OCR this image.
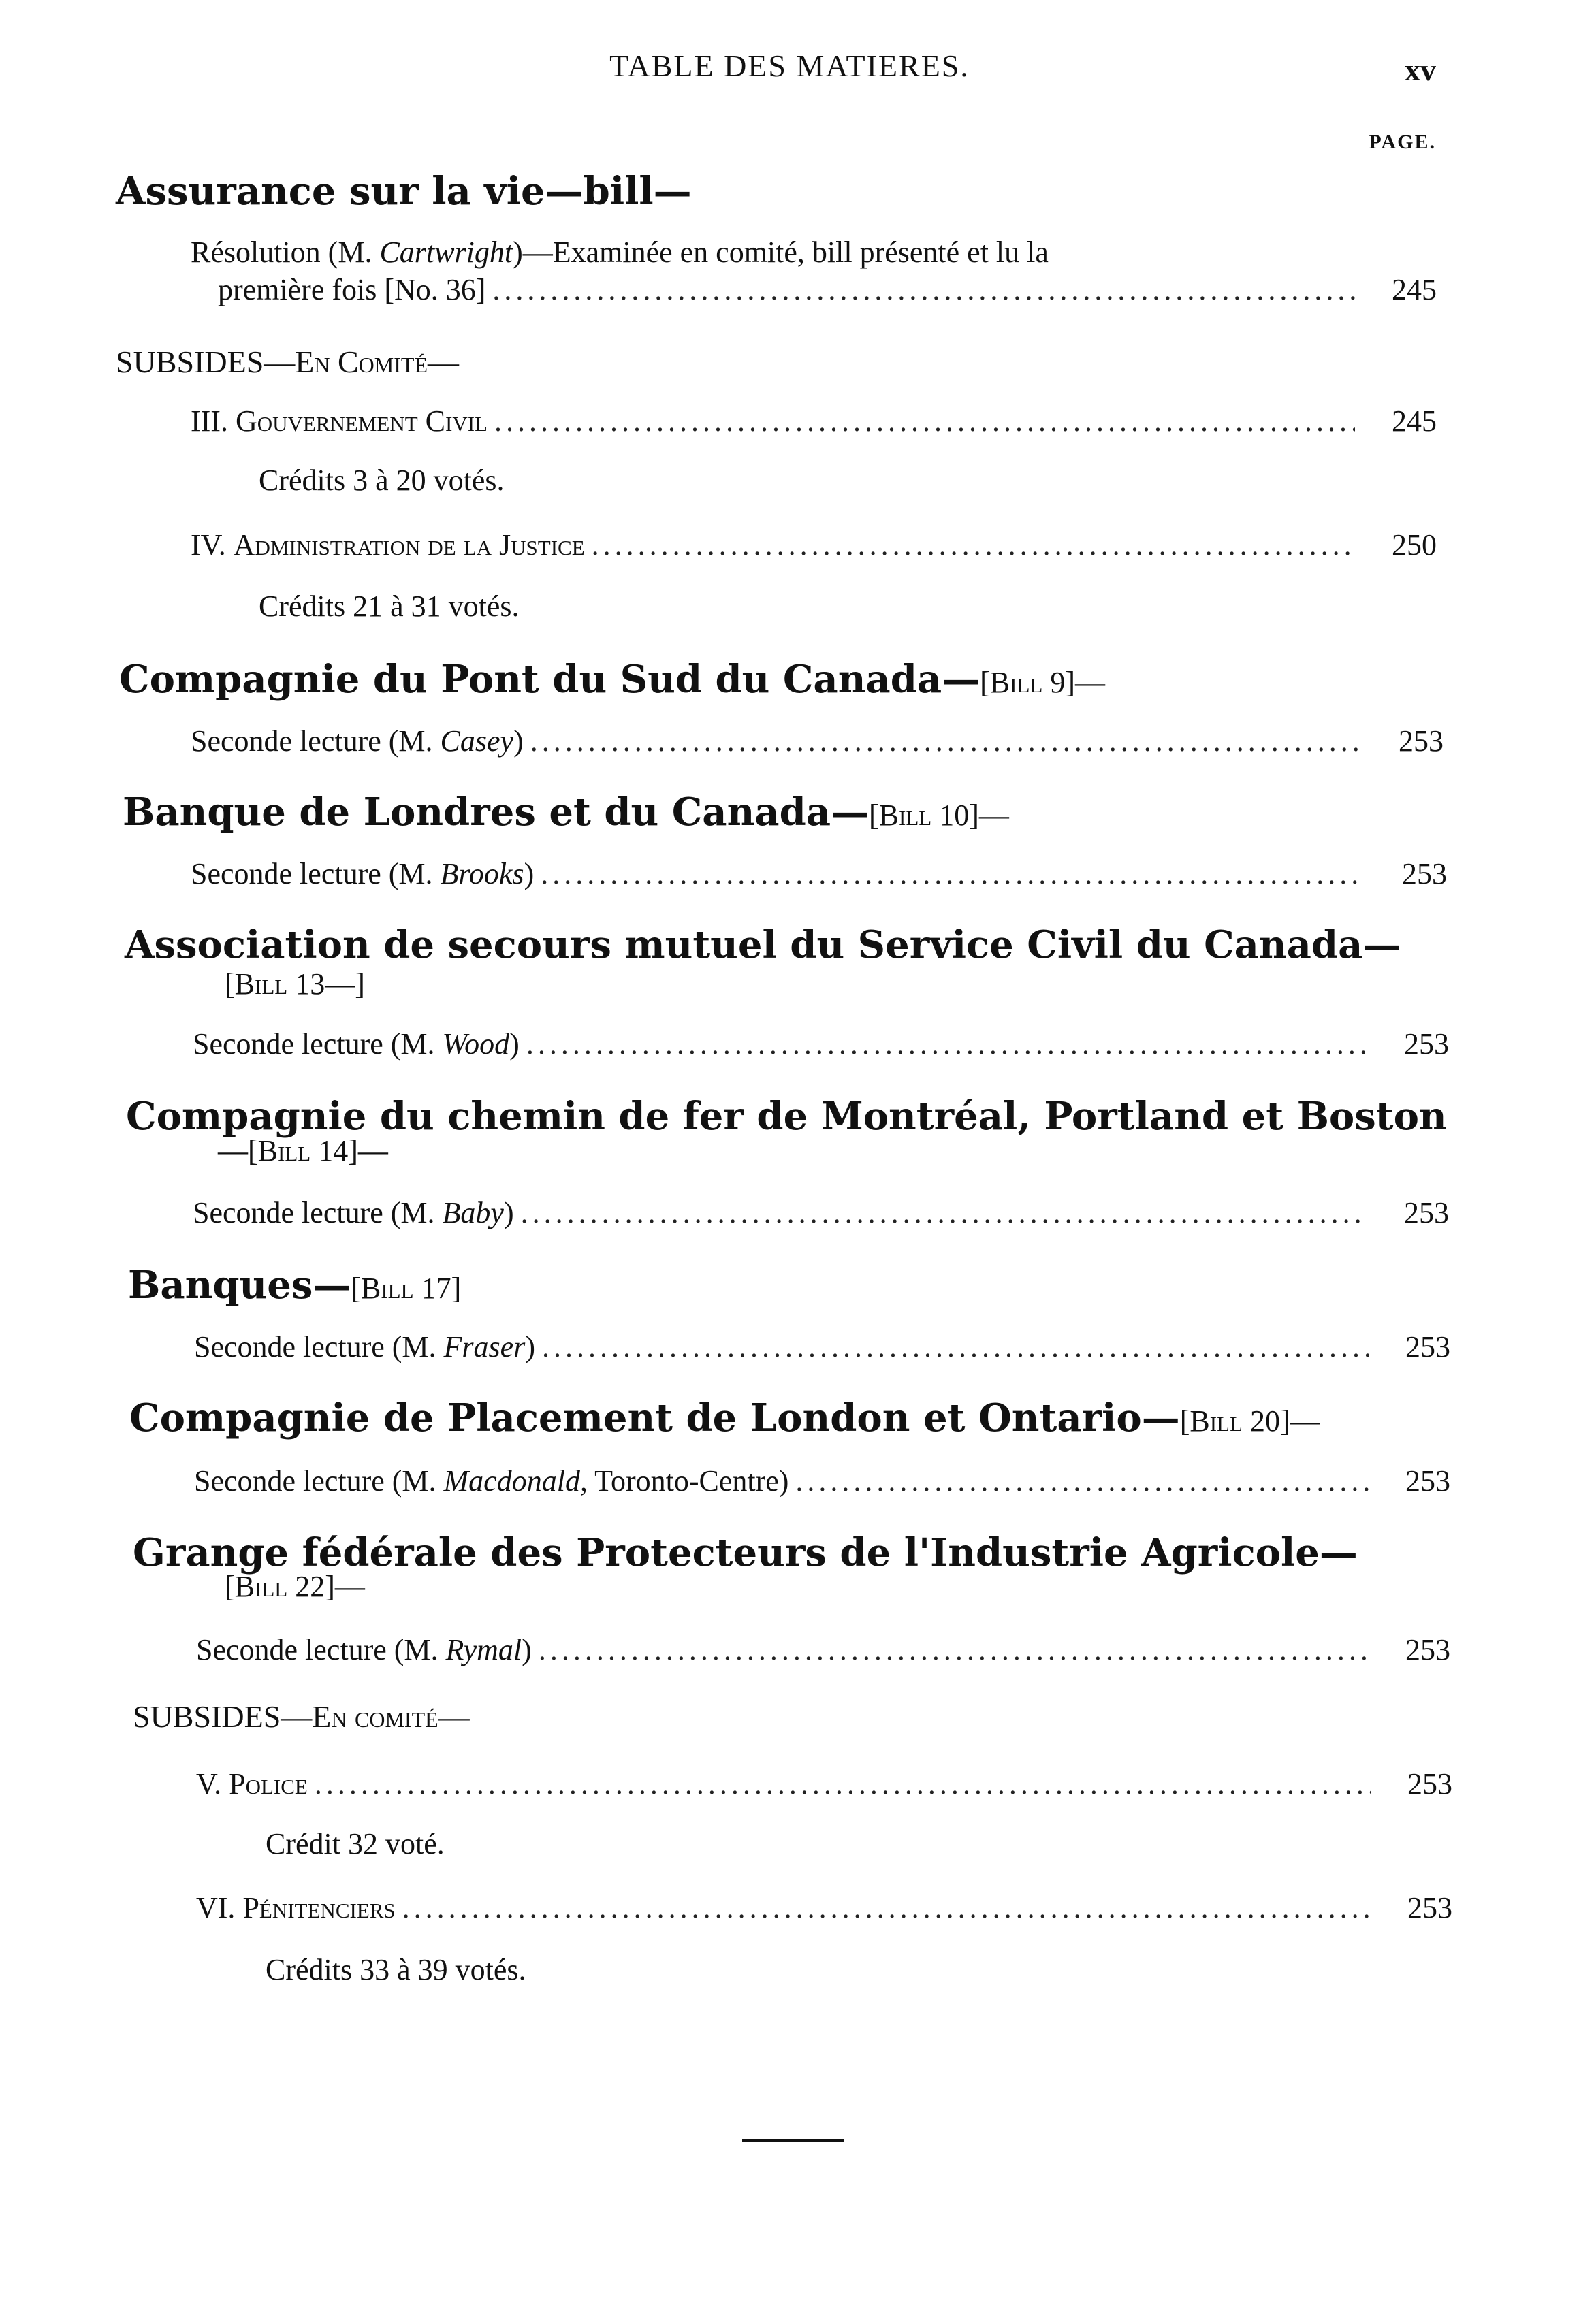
TABLE DES MATIERES.	xv
PAGE.
Assurance sur la vie—bill—
Résolution (M. Cartwright)—Examinée en comité, bill présenté et lu la
première fois [No. 36] .....	245
SUBSIDES—En Comité—
III. Gouvernement Civil .....	245
Crédits 3 à 20 votés.
IV. Administration de la Justice .....	250
Crédits 21 à 31 votés.
Compagnie du Pont du Sud du Canada—[Bill 9]—
Seconde lecture (M. Casey) .....	253
Banque de Londres et du Canada—[Bill 10]—
Seconde lecture (M. Brooks) .....	253
Association de secours mutuel du Service Civil du Canada—
[Bill 13—]
Seconde lecture (M. Wood) .....	253
Compagnie du chemin de fer de Montréal, Portland et Boston
—[Bill 14]—
Seconde lecture (M. Baby) .....	253
Banques—[Bill 17]
Seconde lecture (M. Fraser) .....	253
Compagnie de Placement de London et Ontario—[Bill 20]—
Seconde lecture (M. Macdonald, Toronto-Centre) .....	253
Grange fédérale des Protecteurs de l'Industrie Agricole—
[Bill 22]—
Seconde lecture (M. Rymal) .....	253
SUBSIDES—En comité—
V. Police .....	253
Crédit 32 voté.
VI. Pénitenciers .....	253
Crédits 33 à 39 votés.
